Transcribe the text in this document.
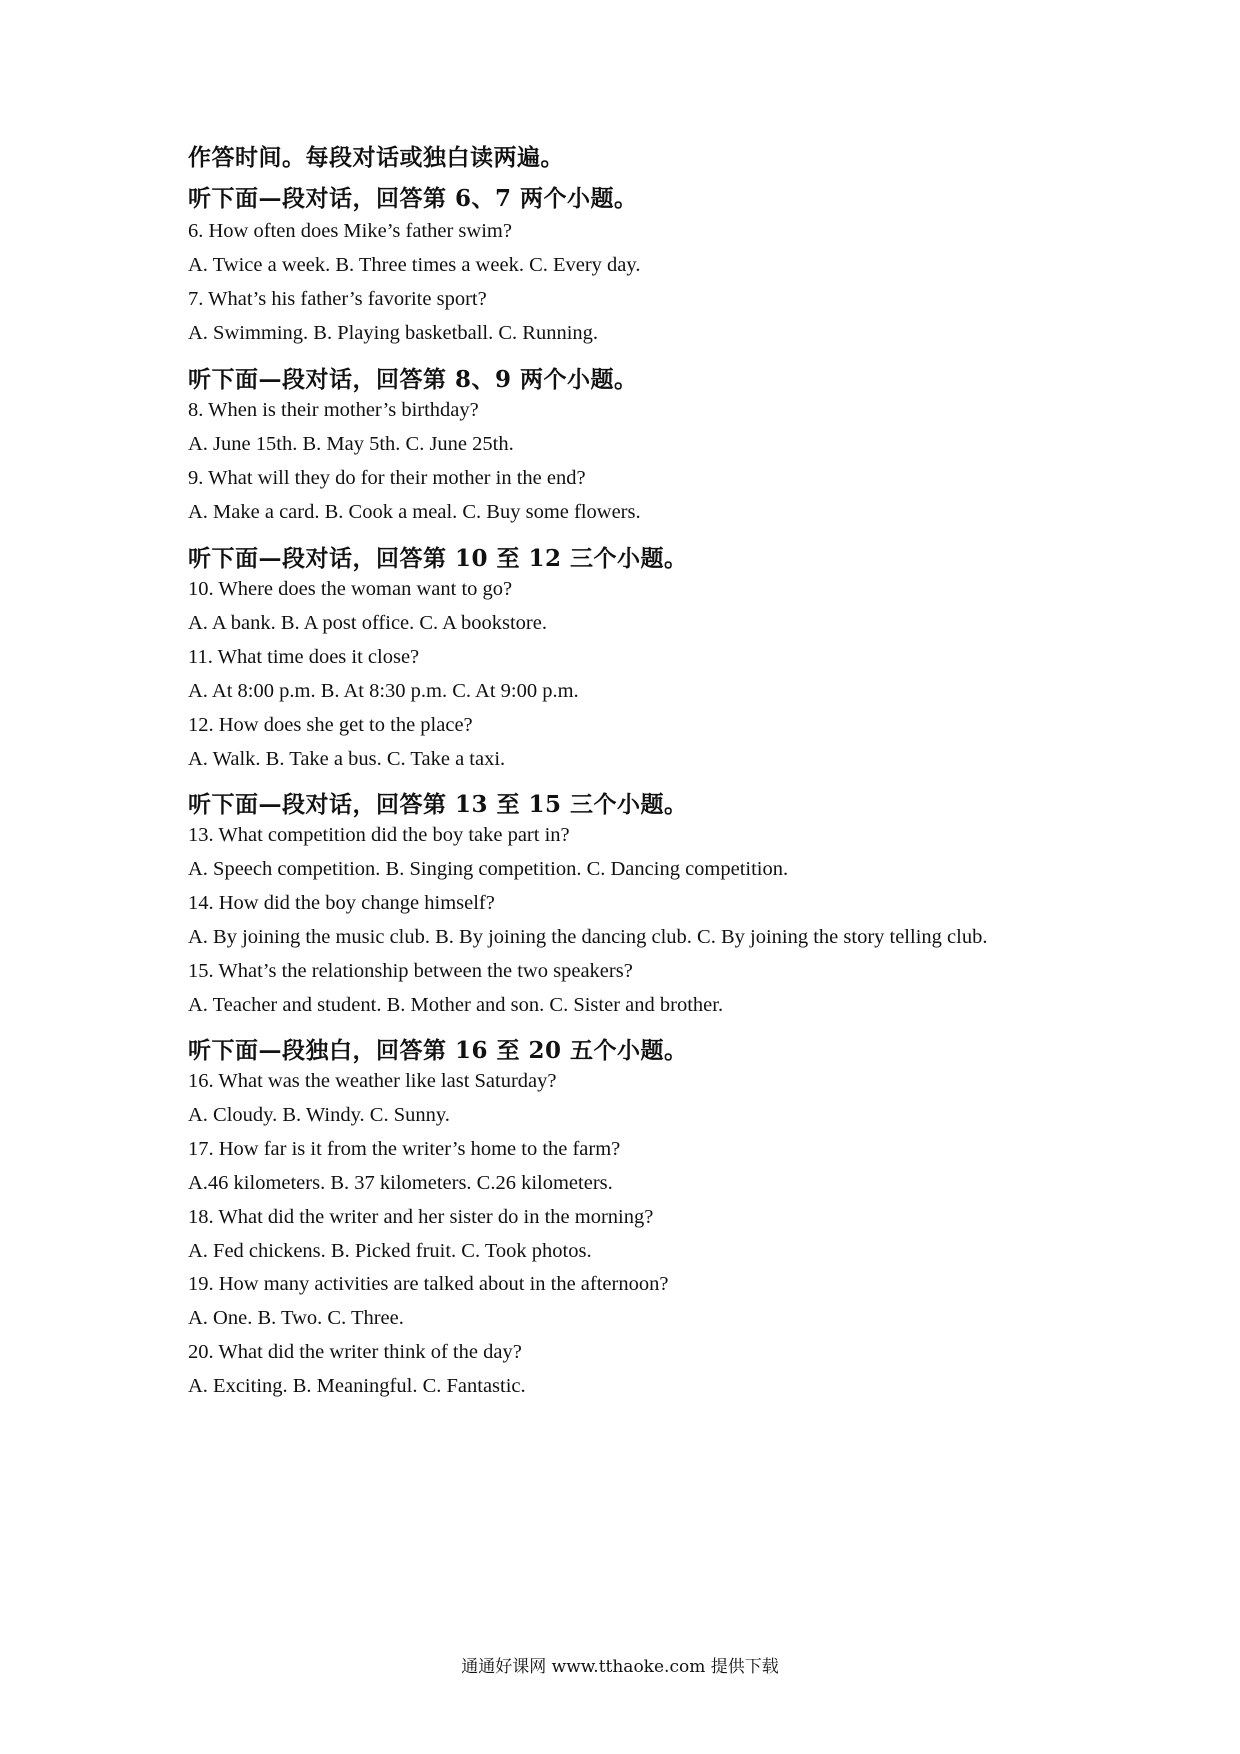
作答时间。每段对话或独白读两遍。
听下面—段对话，回答第 6、7 两个小题。
6. How often does Mike’s father swim?
A. Twice a week. B. Three times a week. C. Every day.
7. What’s his father’s favorite sport?
A. Swimming. B. Playing basketball. C. Running.
听下面—段对话，回答第 8、9 两个小题。
8. When is their mother’s birthday?
A. June 15th. B. May 5th. C. June 25th.
9. What will they do for their mother in the end?
A. Make a card. B. Cook a meal. C. Buy some flowers.
听下面—段对话，回答第 10 至 12 三个小题。
10. Where does the woman want to go?
A. A bank. B. A post office. C. A bookstore.
11. What time does it close?
A. At 8:00 p.m. B. At 8:30 p.m. C. At 9:00 p.m.
12. How does she get to the place?
A. Walk. B. Take a bus. C. Take a taxi.
听下面—段对话，回答第 13 至 15 三个小题。
13. What competition did the boy take part in?
A. Speech competition. B. Singing competition. C. Dancing competition.
14. How did the boy change himself?
A. By joining the music club. B. By joining the dancing club. C. By joining the story telling club.
15. What’s the relationship between the two speakers?
A. Teacher and student. B. Mother and son. C. Sister and brother.
听下面—段独白，回答第 16 至 20 五个小题。
16. What was the weather like last Saturday?
A. Cloudy. B. Windy. C. Sunny.
17. How far is it from the writer’s home to the farm?
A.46 kilometers. B. 37 kilometers. C.26 kilometers.
18. What did the writer and her sister do in the morning?
A. Fed chickens. B. Picked fruit. C. Took photos.
19. How many activities are talked about in the afternoon?
A. One. B. Two. C. Three.
20. What did the writer think of the day?
A. Exciting. B. Meaningful. C. Fantastic.
通通好课网 www.tthaoke.com 提供下载
